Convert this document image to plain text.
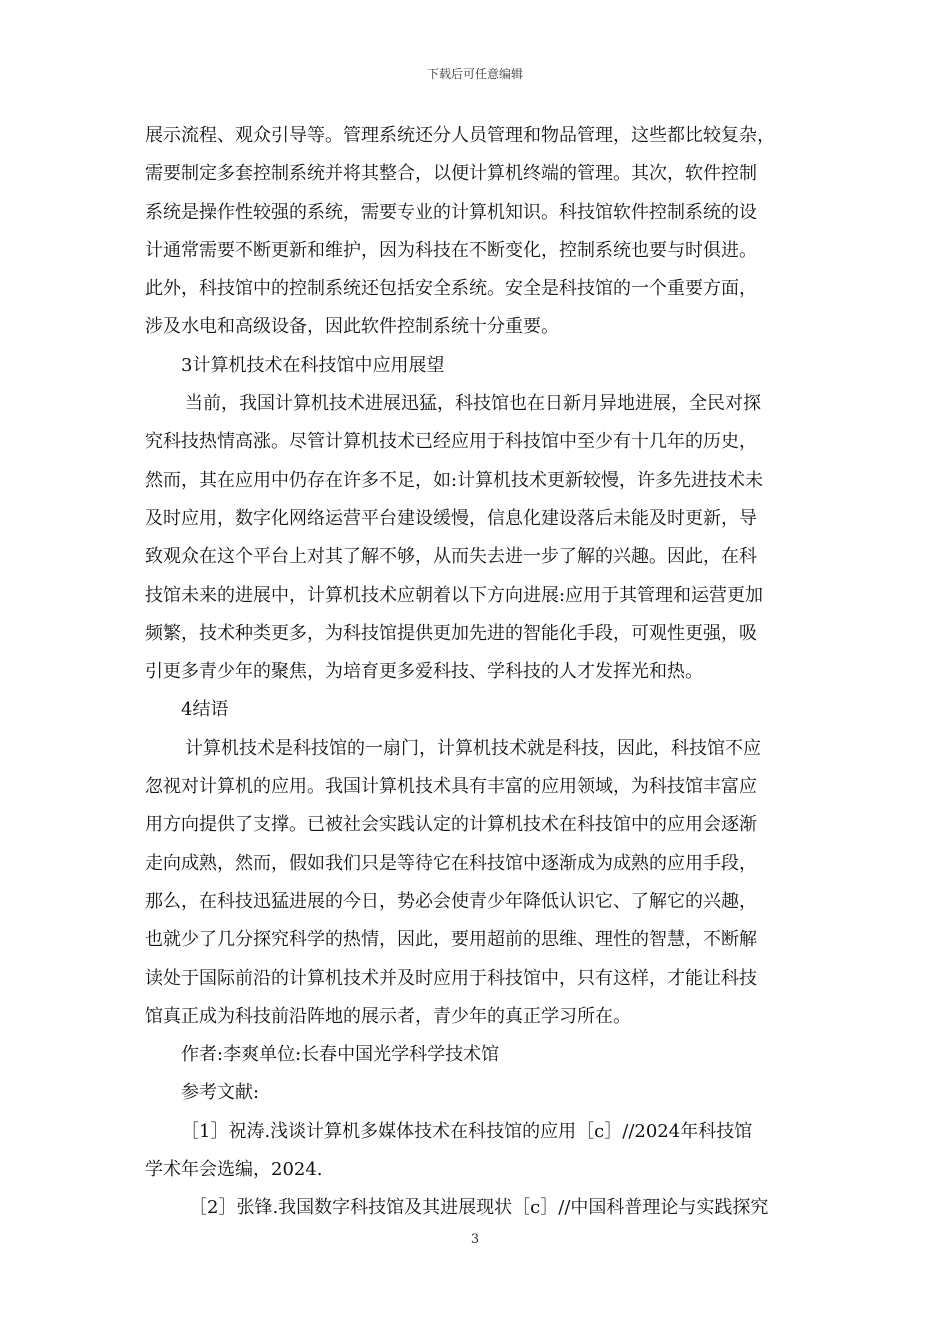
下载后可任意编辑
展示流程、观众引导等。管理系统还分人员管理和物品管理，这些都比较复杂，
需要制定多套控制系统并将其整合，以便计算机终端的管理。其次，软件控制
系统是操作性较强的系统，需要专业的计算机知识。科技馆软件控制系统的设
计通常需要不断更新和维护，因为科技在不断变化，控制系统也要与时俱进。
此外，科技馆中的控制系统还包括安全系统。安全是科技馆的一个重要方面，
涉及水电和高级设备，因此软件控制系统十分重要。
3计算机技术在科技馆中应用展望
当前，我国计算机技术进展迅猛，科技馆也在日新月异地进展，全民对探
究科技热情高涨。尽管计算机技术已经应用于科技馆中至少有十几年的历史，
然而，其在应用中仍存在许多不足，如:计算机技术更新较慢，许多先进技术未
及时应用，数字化网络运营平台建设缓慢，信息化建设落后未能及时更新，导
致观众在这个平台上对其了解不够，从而失去进一步了解的兴趣。因此，在科
技馆未来的进展中，计算机技术应朝着以下方向进展:应用于其管理和运营更加
频繁，技术种类更多，为科技馆提供更加先进的智能化手段，可观性更强，吸
引更多青少年的聚焦，为培育更多爱科技、学科技的人才发挥光和热。
4结语
计算机技术是科技馆的一扇门，计算机技术就是科技，因此，科技馆不应
忽视对计算机的应用。我国计算机技术具有丰富的应用领域，为科技馆丰富应
用方向提供了支撑。已被社会实践认定的计算机技术在科技馆中的应用会逐渐
走向成熟，然而，假如我们只是等待它在科技馆中逐渐成为成熟的应用手段，
那么，在科技迅猛进展的今日，势必会使青少年降低认识它、了解它的兴趣，
也就少了几分探究科学的热情，因此，要用超前的思维、理性的智慧，不断解
读处于国际前沿的计算机技术并及时应用于科技馆中，只有这样，才能让科技
馆真正成为科技前沿阵地的展示者，青少年的真正学习所在。
作者:李爽单位:长春中国光学科学技术馆
参考文献:
［1］祝涛.浅谈计算机多媒体技术在科技馆的应用［c］//2024年科技馆
学术年会选编，2024.
［2］张锋.我国数字科技馆及其进展现状［c］//中国科普理论与实践探究
3
